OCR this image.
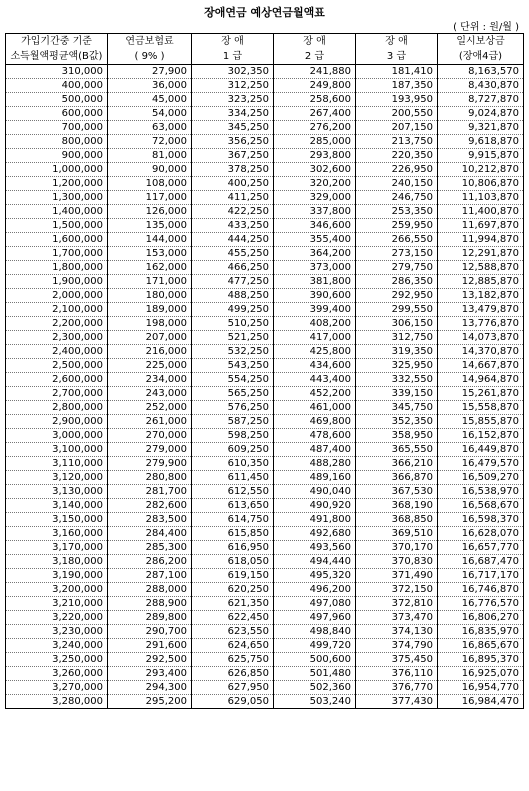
장애연금 예상연금월액표
( 단위 : 원/월 )
가입기간중 기준	연금보험료	장 애	장 애	장 애	일시보상금
소득월액평균액(B값)	( 9% )	1 급	2 급	3 급	(장애4급)
310,000	27,900	302,350	241,880	181,410	8,163,570
400,000	36,000	312,250	249,800	187,350	8,430,870
500,000	45,000	323,250	258,600	193,950	8,727,870
600,000	54,000	334,250	267,400	200,550	9,024,870
700,000	63,000	345,250	276,200	207,150	9,321,870
800,000	72,000	356,250	285,000	213,750	9,618,870
900,000	81,000	367,250	293,800	220,350	9,915,870
1,000,000	90,000	378,250	302,600	226,950	10,212,870
1,200,000	108,000	400,250	320,200	240,150	10,806,870
1,300,000	117,000	411,250	329,000	246,750	11,103,870
1,400,000	126,000	422,250	337,800	253,350	11,400,870
1,500,000	135,000	433,250	346,600	259,950	11,697,870
1,600,000	144,000	444,250	355,400	266,550	11,994,870
1,700,000	153,000	455,250	364,200	273,150	12,291,870
1,800,000	162,000	466,250	373,000	279,750	12,588,870
1,900,000	171,000	477,250	381,800	286,350	12,885,870
2,000,000	180,000	488,250	390,600	292,950	13,182,870
2,100,000	189,000	499,250	399,400	299,550	13,479,870
2,200,000	198,000	510,250	408,200	306,150	13,776,870
2,300,000	207,000	521,250	417,000	312,750	14,073,870
2,400,000	216,000	532,250	425,800	319,350	14,370,870
2,500,000	225,000	543,250	434,600	325,950	14,667,870
2,600,000	234,000	554,250	443,400	332,550	14,964,870
2,700,000	243,000	565,250	452,200	339,150	15,261,870
2,800,000	252,000	576,250	461,000	345,750	15,558,870
2,900,000	261,000	587,250	469,800	352,350	15,855,870
3,000,000	270,000	598,250	478,600	358,950	16,152,870
3,100,000	279,000	609,250	487,400	365,550	16,449,870
3,110,000	279,900	610,350	488,280	366,210	16,479,570
3,120,000	280,800	611,450	489,160	366,870	16,509,270
3,130,000	281,700	612,550	490,040	367,530	16,538,970
3,140,000	282,600	613,650	490,920	368,190	16,568,670
3,150,000	283,500	614,750	491,800	368,850	16,598,370
3,160,000	284,400	615,850	492,680	369,510	16,628,070
3,170,000	285,300	616,950	493,560	370,170	16,657,770
3,180,000	286,200	618,050	494,440	370,830	16,687,470
3,190,000	287,100	619,150	495,320	371,490	16,717,170
3,200,000	288,000	620,250	496,200	372,150	16,746,870
3,210,000	288,900	621,350	497,080	372,810	16,776,570
3,220,000	289,800	622,450	497,960	373,470	16,806,270
3,230,000	290,700	623,550	498,840	374,130	16,835,970
3,240,000	291,600	624,650	499,720	374,790	16,865,670
3,250,000	292,500	625,750	500,600	375,450	16,895,370
3,260,000	293,400	626,850	501,480	376,110	16,925,070
3,270,000	294,300	627,950	502,360	376,770	16,954,770
3,280,000	295,200	629,050	503,240	377,430	16,984,470
